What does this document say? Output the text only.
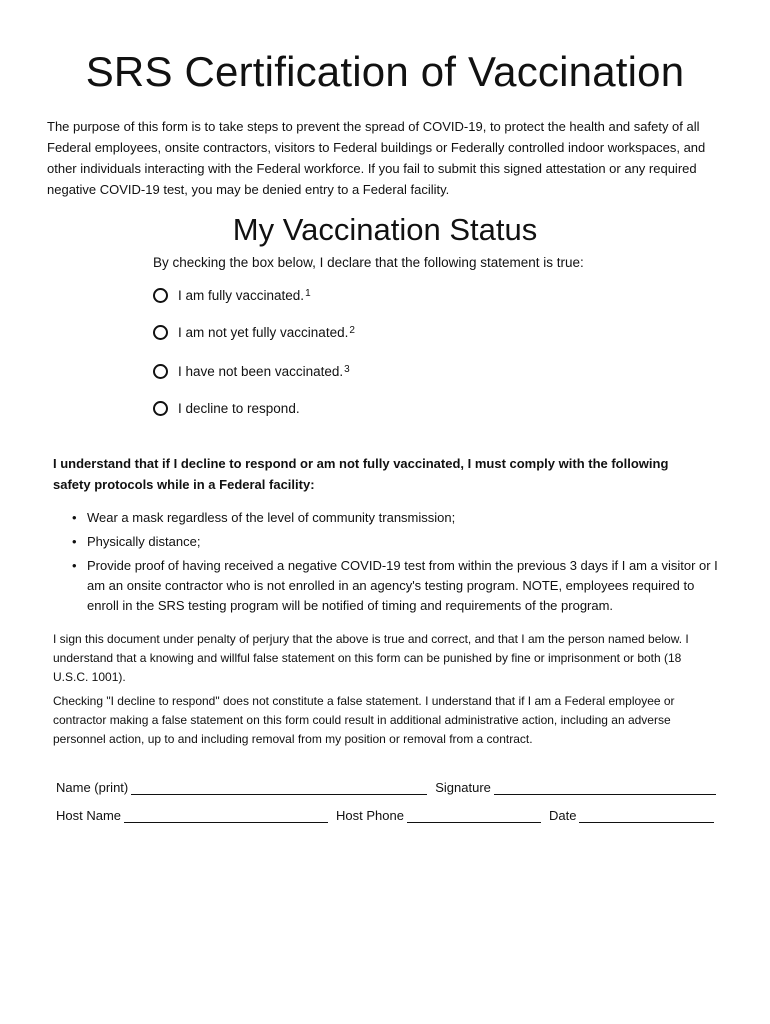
SRS Certification of Vaccination

The purpose of this form is to take steps to prevent the spread of COVID-19, to protect the health and safety of all Federal employees, onsite contractors, visitors to Federal buildings or Federally controlled indoor workspaces, and other individuals interacting with the Federal workforce. If you fail to submit this signed attestation or any required negative COVID-19 test, you may be denied entry to a Federal facility.

My Vaccination Status

By checking the box below, I declare that the following statement is true:

I am fully vaccinated.$^1$
I am not yet fully vaccinated.$^2$
I have not been vaccinated.$^3$
I decline to respond.

I understand that if I decline to respond or am not fully vaccinated, I must comply with the following safety protocols while in a Federal facility:

• Wear a mask regardless of the level of community transmission;
• Physically distance;
• Provide proof of having received a negative COVID-19 test from within the previous 3 days if I am a visitor or I am an onsite contractor who is not enrolled in an agency's testing program. NOTE, employees required to enroll in the SRS testing program will be notified of timing and requirements of the program.

I sign this document under penalty of perjury that the above is true and correct, and that I am the person named below. I understand that a knowing and willful false statement on this form can be punished by fine or imprisonment or both (18 U.S.C. 1001).

Checking "I decline to respond" does not constitute a false statement. I understand that if I am a Federal employee or contractor making a false statement on this form could result in additional administrative action, including an adverse personnel action, up to and including removal from my position or removal from a contract.

Name (print)	Signature
Host Name	Host Phone	Date
